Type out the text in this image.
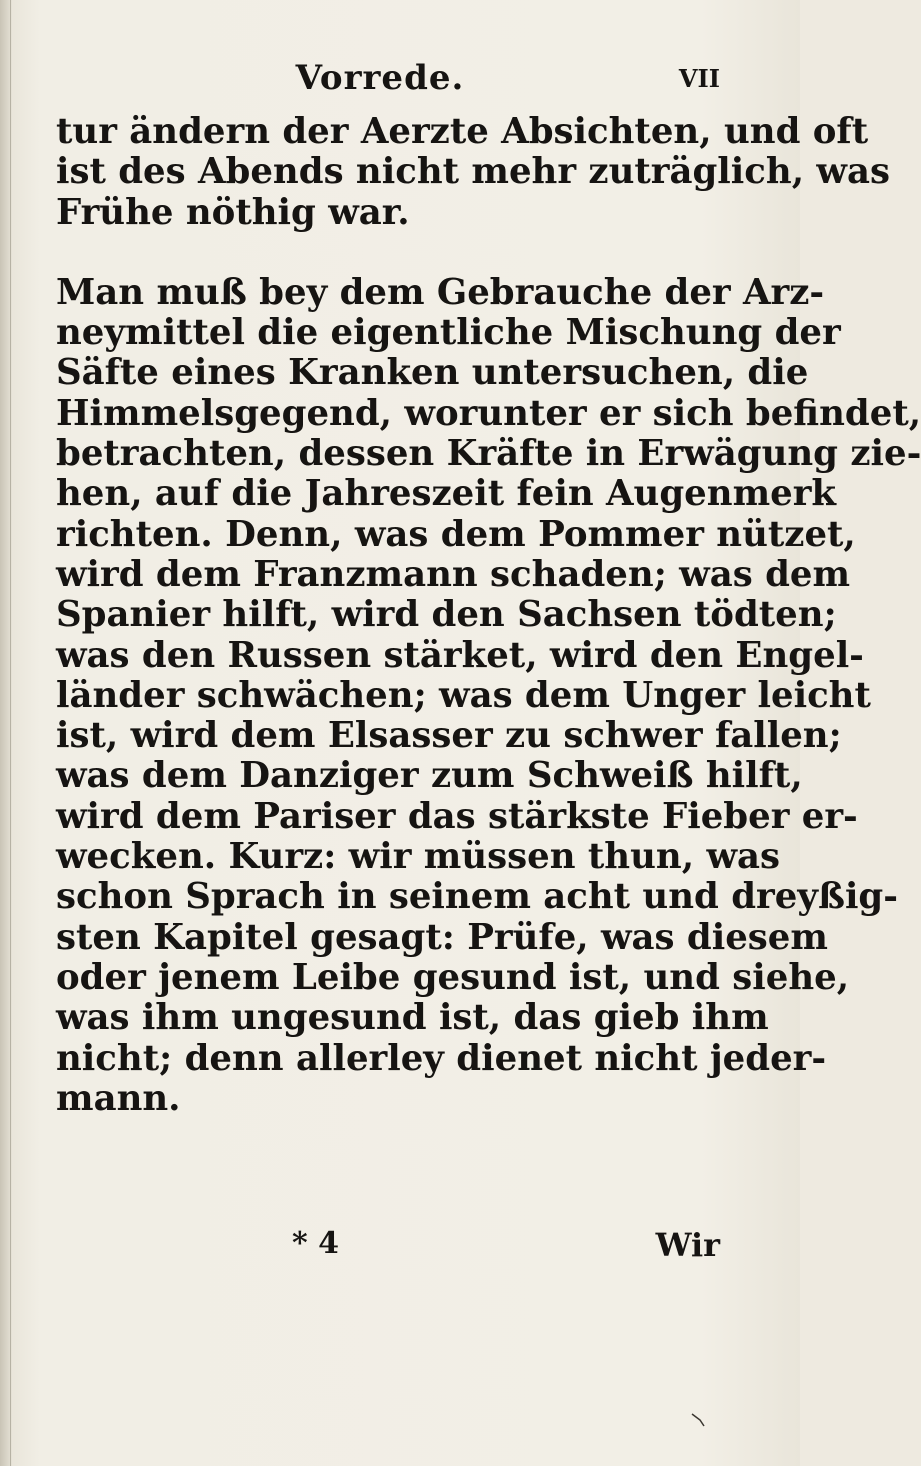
Vorrede.	VII
tur ändern der Aerzte Absichten, und oft
ist des Abends nicht mehr zuträglich, was
Frühe nöthig war.
Man muß bey dem Gebrauche der Arz-
neymittel die eigentliche Mischung der
Säfte eines Kranken untersuchen, die
Himmelsgegend, worunter er sich befindet,
betrachten, dessen Kräfte in Erwägung zie-
hen, auf die Jahreszeit fein Augenmerk
richten. Denn, was dem Pommer nützet,
wird dem Franzmann schaden; was dem
Spanier hilft, wird den Sachsen tödten;
was den Russen stärket, wird den Engel-
länder schwächen; was dem Unger leicht
ist, wird dem Elsasser zu schwer fallen;
was dem Danziger zum Schweiß hilft,
wird dem Pariser das stärkste Fieber er-
wecken. Kurz: wir müssen thun, was
schon Sprach in seinem acht und dreyßig-
sten Kapitel gesagt: Prüfe, was diesem
oder jenem Leibe gesund ist, und siehe,
was ihm ungesund ist, das gieb ihm
nicht; denn allerley dienet nicht jeder-
mann.
* 4	Wir
